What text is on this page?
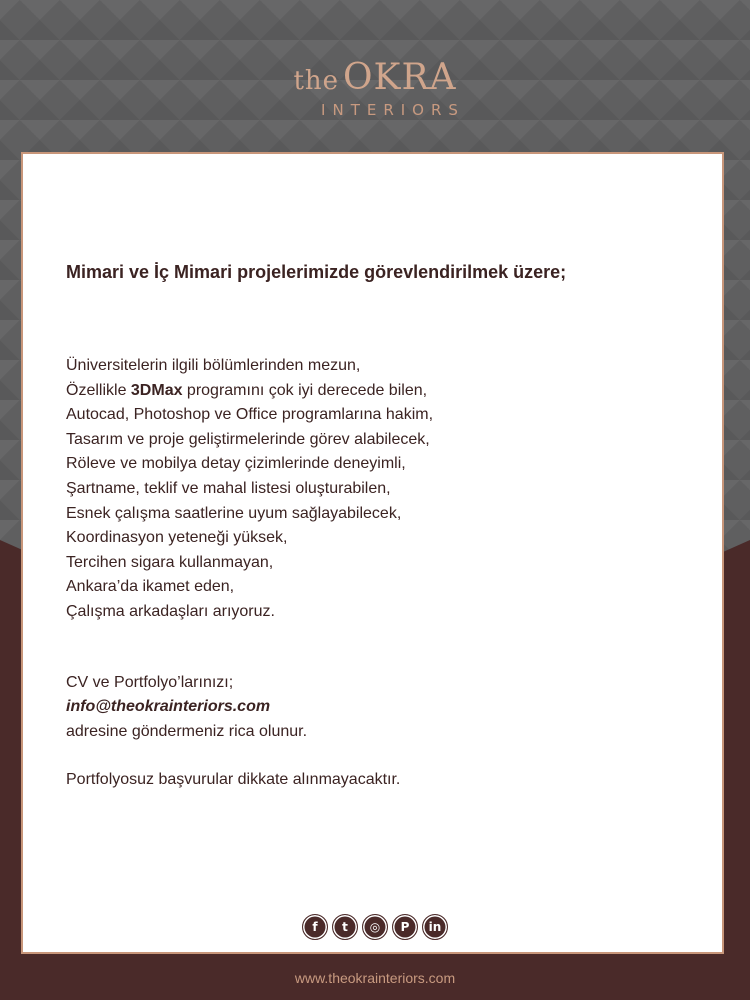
the OKRA
INTERIORS
Mimari ve İç Mimari projelerimizde görevlendirilmek üzere;
Üniversitelerin ilgili bölümlerinden mezun,
Özellikle 3DMax programını çok iyi derecede bilen,
Autocad, Photoshop ve Office programlarına hakim,
Tasarım ve proje geliştirmelerinde görev alabilecek,
Röleve ve mobilya detay çizimlerinde deneyimli,
Şartname, teklif ve mahal listesi oluşturabilen,
Esnek çalışma saatlerine uyum sağlayabilecek,
Koordinasyon yeteneği yüksek,
Tercihen sigara kullanmayan,
Ankara’da ikamet eden,
Çalışma arkadaşları arıyoruz.
CV ve Portfolyo’larınızı;
info@theokrainteriors.com
adresine göndermeniz rica olunur.
Portfolyosuz başvurular dikkate alınmayacaktır.
f	t	◎	P	in
www.theokrainteriors.com
